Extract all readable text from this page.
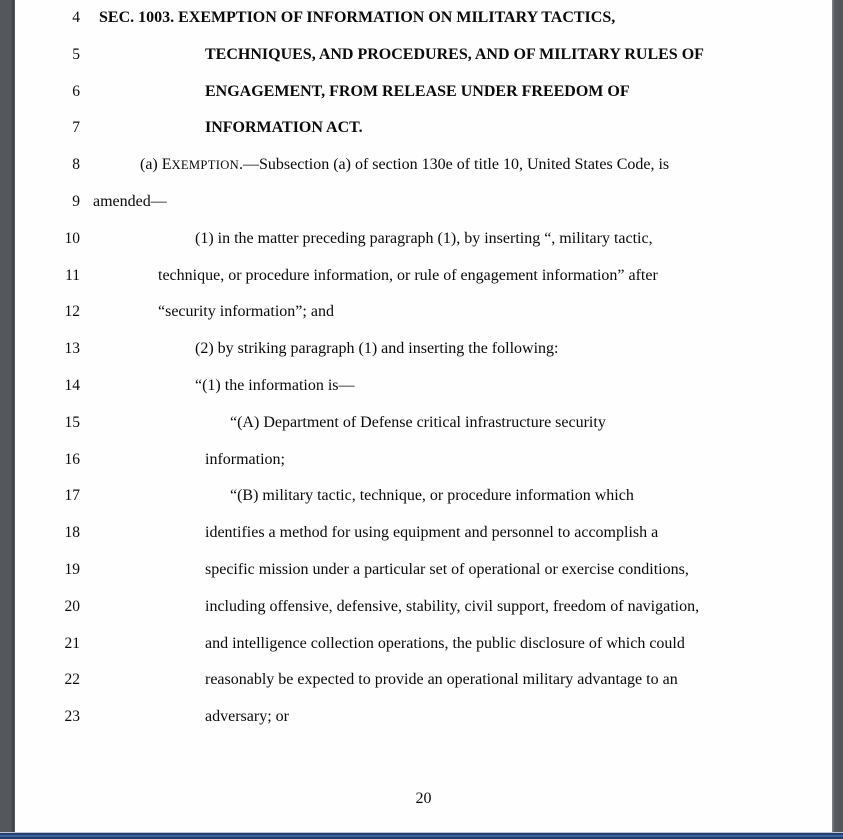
4 SEC. 1003. EXEMPTION OF INFORMATION ON MILITARY TACTICS,
5	TECHNIQUES, AND PROCEDURES, AND OF MILITARY RULES OF
6	ENGAGEMENT, FROM RELEASE UNDER FREEDOM OF
7	INFORMATION ACT.
8	(a) EXEMPTION.—Subsection (a) of section 130e of title 10, United States Code, is
9 amended—
10	(1) in the matter preceding paragraph (1), by inserting “, military tactic,
11	technique, or procedure information, or rule of engagement information” after
12	“security information”; and
13	(2) by striking paragraph (1) and inserting the following:
14	“(1) the information is—
15	“(A) Department of Defense critical infrastructure security
16	information;
17	“(B) military tactic, technique, or procedure information which
18	identifies a method for using equipment and personnel to accomplish a
19	specific mission under a particular set of operational or exercise conditions,
20	including offensive, defensive, stability, civil support, freedom of navigation,
21	and intelligence collection operations, the public disclosure of which could
22	reasonably be expected to provide an operational military advantage to an
23	adversary; or
20
